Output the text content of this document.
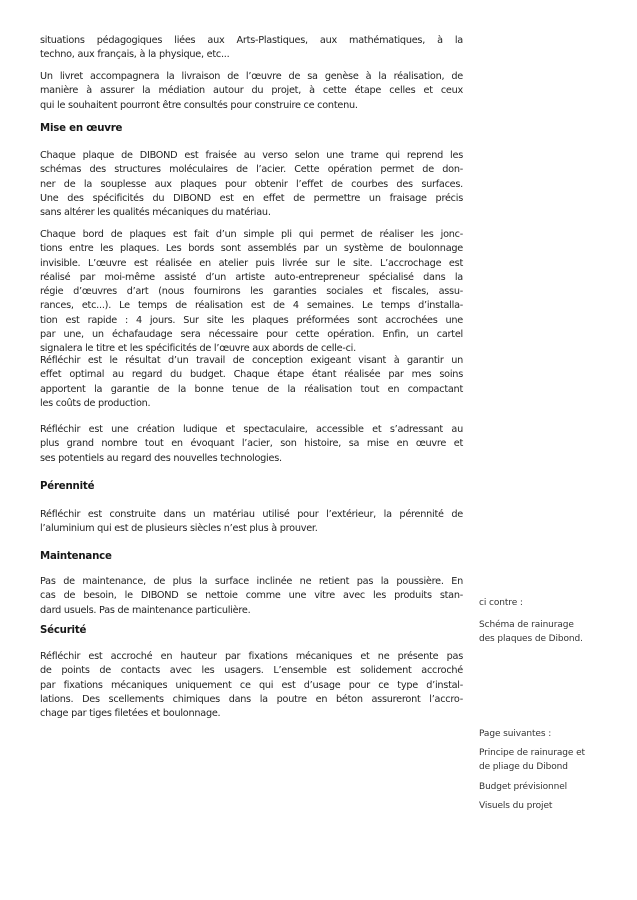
situations pédagogiques liées aux Arts-Plastiques, aux mathématiques, à la
techno, aux français, à la physique, etc...
Un livret accompagnera la livraison de l’œuvre de sa genèse à la réalisation, de
manière à assurer la médiation autour du projet, à cette étape celles et ceux
qui le souhaitent pourront être consultés pour construire ce contenu.
Mise en œuvre
Chaque plaque de DIBOND est fraisée au verso selon une trame qui reprend les
schémas des structures moléculaires de l’acier. Cette opération permet de don-
ner de la souplesse aux plaques pour obtenir l’effet de courbes des surfaces.
Une des spécificités du DIBOND est en effet de permettre un fraisage précis
sans altérer les qualités mécaniques du matériau.
Chaque bord de plaques est fait d’un simple pli qui permet de réaliser les jonc-
tions entre les plaques. Les bords sont assemblés par un système de boulonnage
invisible. L’œuvre est réalisée en atelier puis livrée sur le site. L’accrochage est
réalisé par moi-même assisté d’un artiste auto-entrepreneur spécialisé dans la
régie d’œuvres d’art (nous fournirons les garanties sociales et fiscales, assu-
rances, etc...). Le temps de réalisation est de 4 semaines. Le temps d’installa-
tion est rapide : 4 jours. Sur site les plaques préformées sont accrochées une
par une, un échafaudage sera nécessaire pour cette opération. Enfin, un cartel
signalera le titre et les spécificités de l’œuvre aux abords de celle-ci.
Réfléchir est le résultat d’un travail de conception exigeant visant à garantir un
effet optimal au regard du budget. Chaque étape étant réalisée par mes soins
apportent la garantie de la bonne tenue de la réalisation tout en compactant
les coûts de production.
Réfléchir est une création ludique et spectaculaire, accessible et s’adressant au
plus grand nombre tout en évoquant l’acier, son histoire, sa mise en œuvre et
ses potentiels au regard des nouvelles technologies.
Pérennité
Réfléchir est construite dans un matériau utilisé pour l’extérieur, la pérennité de
l’aluminium qui est de plusieurs siècles n’est plus à prouver.
Maintenance
Pas de maintenance, de plus la surface inclinée ne retient pas la poussière. En
cas de besoin, le DIBOND se nettoie comme une vitre avec les produits stan-
dard usuels. Pas de maintenance particulière.
Sécurité
Réfléchir est accroché en hauteur par fixations mécaniques et ne présente pas
de points de contacts avec les usagers. L’ensemble est solidement accroché
par fixations mécaniques uniquement ce qui est d’usage pour ce type d’instal-
lations. Des scellements chimiques dans la poutre en béton assureront l’accro-
chage par tiges filetées et boulonnage.
ci contre :
Schéma de rainurage
des plaques de Dibond.
Page suivantes :
Principe de rainurage et
de pliage du Dibond
Budget prévisionnel
Visuels du projet
